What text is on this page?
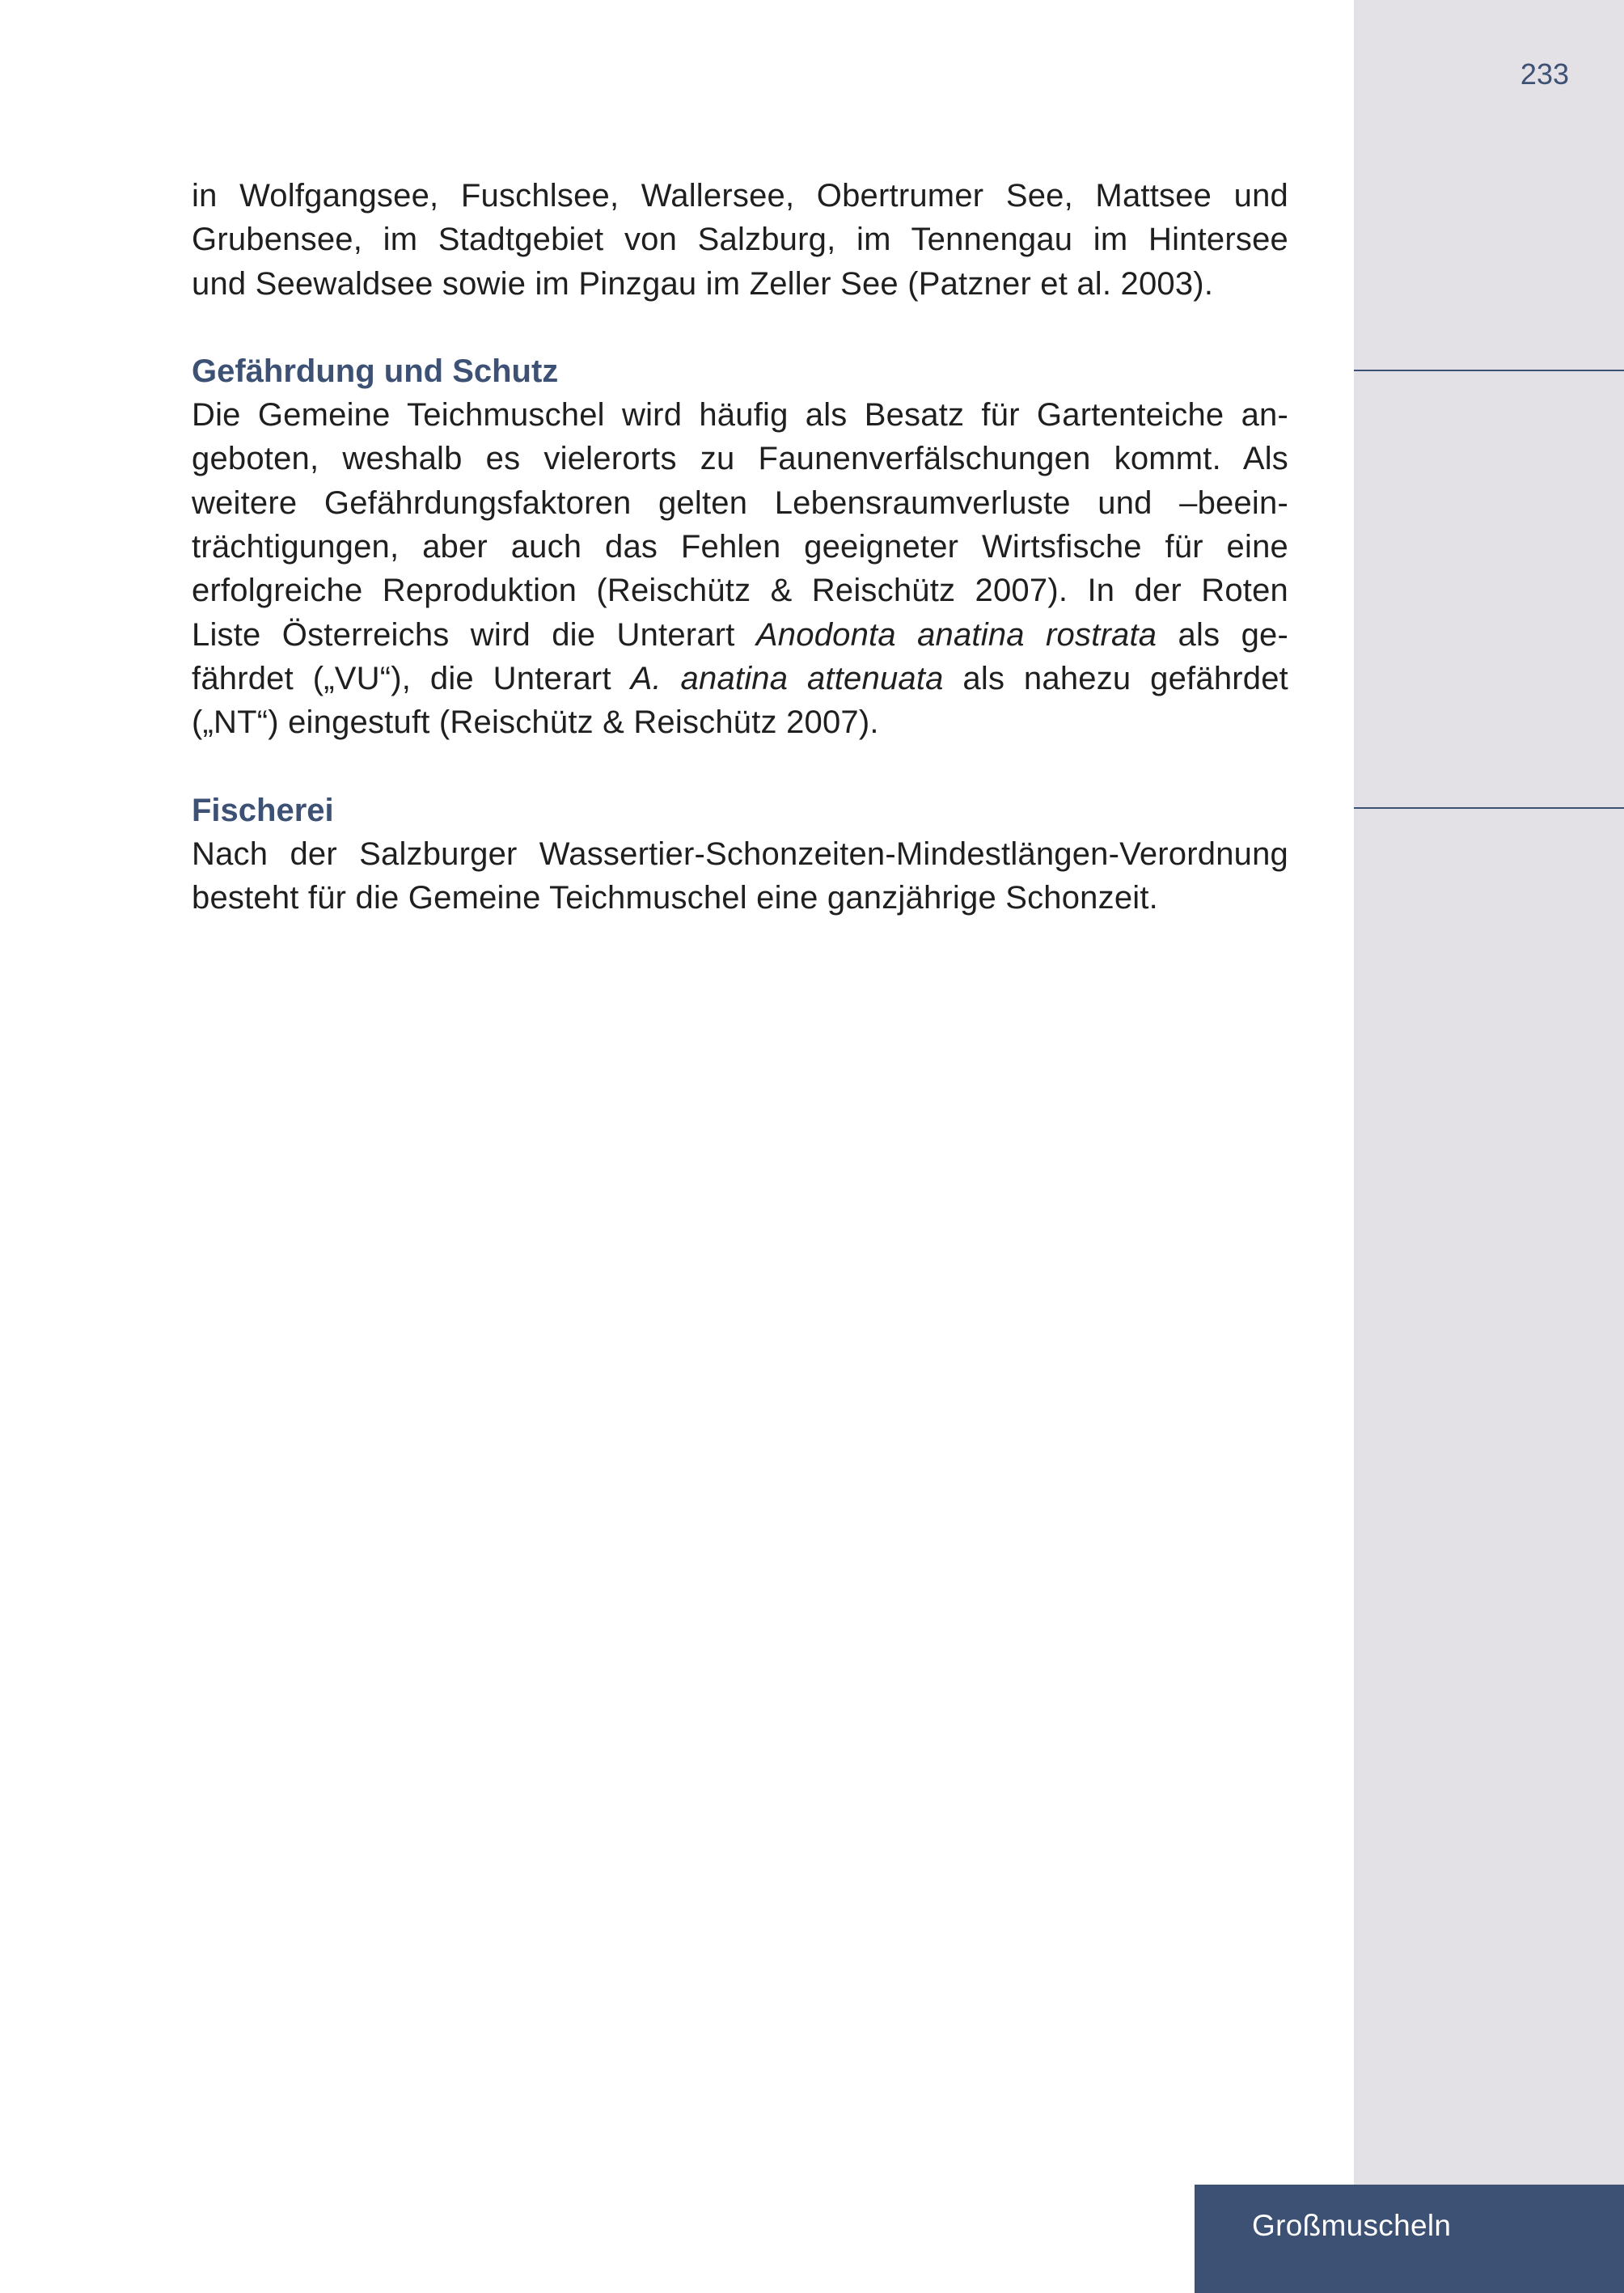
233
in Wolfgangsee, Fuschlsee, Wallersee, Obertrumer See, Mattsee und
Grubensee, im Stadtgebiet von Salzburg, im Tennengau im Hintersee
und Seewaldsee sowie im Pinzgau im Zeller See (Patzner et al. 2003).
Gefährdung und Schutz
Die Gemeine Teichmuschel wird häufig als Besatz für Gartenteiche an-
geboten, weshalb es vielerorts zu Faunenverfälschungen kommt. Als
weitere Gefährdungsfaktoren gelten Lebensraumverluste und –beein-
trächtigungen, aber auch das Fehlen geeigneter Wirtsfische für eine
erfolgreiche Reproduktion (Reischütz & Reischütz 2007). In der Roten
Liste Österreichs wird die Unterart Anodonta anatina rostrata als ge-
fährdet („VU“), die Unterart A. anatina attenuata als nahezu gefährdet
(„NT“) eingestuft (Reischütz & Reischütz 2007).
Fischerei
Nach der Salzburger Wassertier-Schonzeiten-Mindestlängen-Verordnung
besteht für die Gemeine Teichmuschel eine ganzjährige Schonzeit.
Großmuscheln
